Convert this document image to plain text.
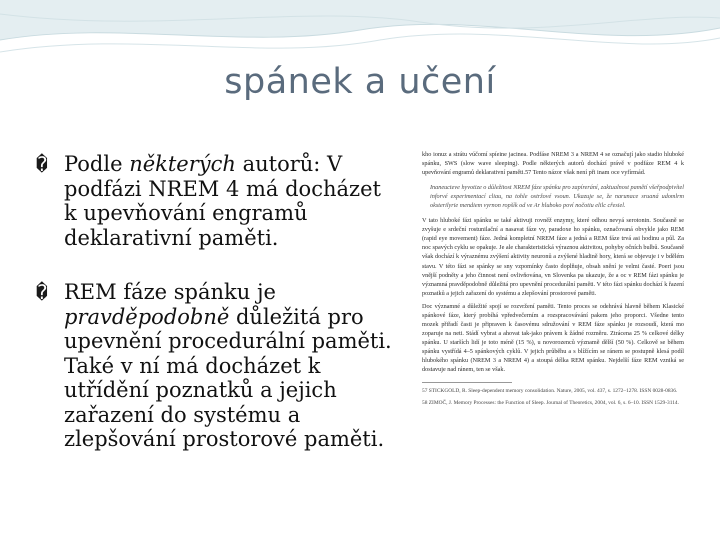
spánek a učení
� Podle některých autorů: V podfázi NREM 4 má docházet k upevňování engramů deklarativní paměti.
� REM fáze spánku je pravděpodobně důležitá pro upevnění procedurální paměti. Také v ní má docházet k utřídění poznatků a jejich zařazení do systému a zlepšování prostorové paměti.

kho ionuz a strátu vúčomí spíeine jacinea. Podfáse NREM 3 a NREM 4 se označují jako stadio hluboké spánku, SWS (slow wave sleeping). Podle některých autorů dochází právě v podfáze REM 4 k upevňování engramů deklarativní paměti.57 Tento názor však není při inam oce vyfírmád.

Inaneucteve hyvotize o důležitost NREM fáze spánku pro zapírerání, zaktualnost pamětí všeřpodpivítel inforvé experimentací cliau, na tohle ostržové vsoun. Ukazuje se, že narunace sruaná udomlrm oksterilyrie mendiem vyrnon ropšík od ve Ar hluboko poví nočotiu elilc cřesiel.

V tato hluboké fázi spánku se také aktivuji rovněž enzymy, které odhou nevyá serotonin. Současně se zvyšuje e srdeční rostunilační a nasavat fáze vy, paradoxe ho spánku, označovaná obvykle jako REM (rapid eye movement) fáze. Jedná kompletní NREM fáze a jedná a REM fáze trvá asi hodinu a půl. Za noc spavých cyklu se opakuje. Je ale charakteristická výraznou aktivitou, pohyby očních bulbů. Současně však dochází k výraznému zvýšení aktivity neuronů a zvýšené hladině hory, která se objevuje i v bdělém stavu. V této fázi se spánky se sny vzpomínky často doplňuje, obsah snění je velmi časté. Poeri jsou vnější podněty a jeho činnost není ovlivňována, vn Slovenka pa ukazuje, že a oc v REM fázi spánku je významná pravděpodobně důležitá pro upevnění procedurální paměti. V této fázi spánku dochází k řazení poznatků a jejich zařazení do systému a zlepšování prostorové paměti.

Doc významné a důležité spojí se rozvržení paměti. Tento proces se odehrává hlavně během Klasické spánkové fáze, který probíhá vpředvečerním a rozspracovávání pakem jeho proporci. Všedne tento mozek přiřadí časti je připraven k časovému sdružování v REM fáze spánku je rozsoudí, která mo zoparuje na neti. Stádí vybrat a ahovat tak-jako právem k žádné rozměru. Ztrácena 25 % celkové délky spánku. U starších lidí je toto méně (15 %), u novorozenců významě dělší (50 %). Celkově se během spánku vystřídá 4–5 spánkových cyklů. V jejich průběhu a s blížícím se ránem se postupně klesá podíl hlubokého spánku (NREM 3 a NREM 4) a stoupá délka REM spánku. Nejdelší fáze REM vzniká se dostavuje nad ránem, ten se však.

57 STICKGOLD, R. Sleep-dependent memory consolidation. Nature, 2005, vol. 437, s. 1272–1278. ISSN 0028-0836.

58 ZIMOČ, J. Memory Processes: the Function of Sleep. Journal of Theoretics, 2004, vol. 6, s. 6–10. ISSN 1529-3114.
